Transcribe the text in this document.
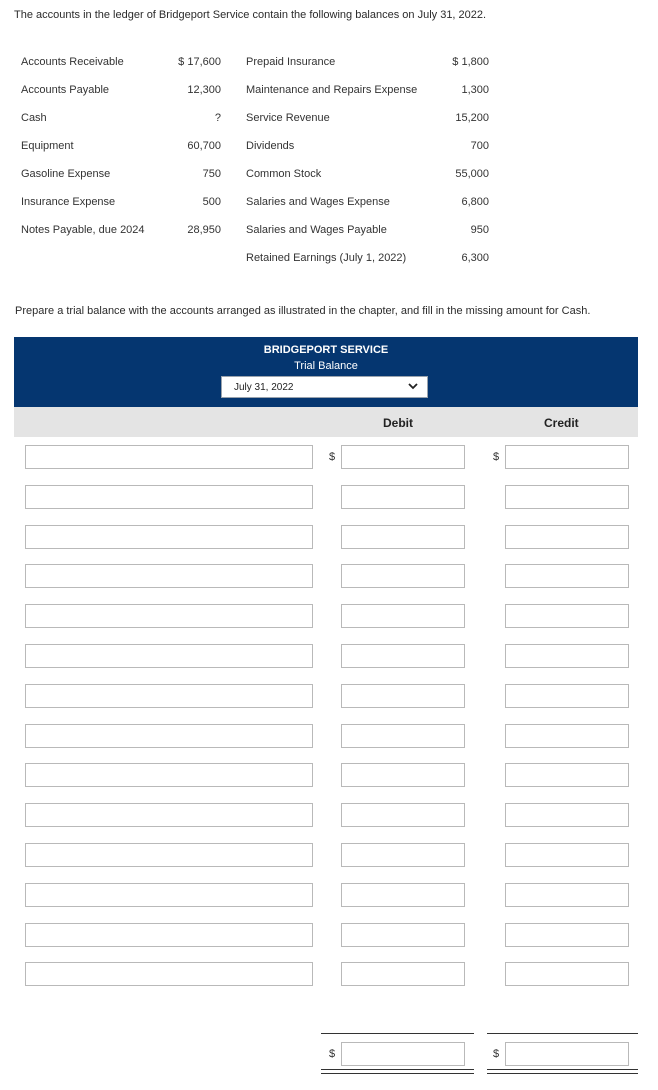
The accounts in the ledger of Bridgeport Service contain the following balances on July 31, 2022.
Accounts Receivable	$ 17,600 Prepaid Insurance	$ 1,800
Accounts Payable	12,300 Maintenance and Repairs Expense	1,300
Cash	? Service Revenue	15,200
Equipment	60,700 Dividends	700
Gasoline Expense	750 Common Stock	55,000
Insurance Expense	500 Salaries and Wages Expense	6,800
Notes Payable, due 2024	28,950 Salaries and Wages Payable	950
Retained Earnings (July 1, 2022)	6,300
Prepare a trial balance with the accounts arranged as illustrated in the chapter, and fill in the missing amount for Cash.
BRIDGEPORT SERVICE
Trial Balance
July 31, 2022
Debit	Credit
$	$
$	$
